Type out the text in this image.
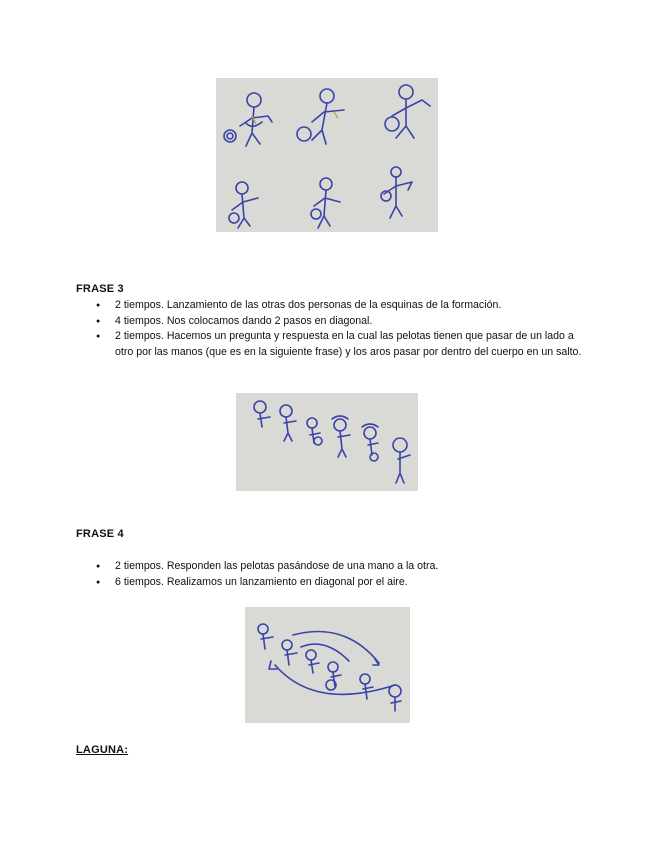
FRASE 3
● 2 tiempos. Lanzamiento de las otras dos personas de la esquinas de la formación.
● 4 tiempos. Nos colocamos dando 2 pasos en diagonal.
● 2 tiempos. Hacemos un pregunta y respuesta en la cual las pelotas tienen que pasar de un lado a otro por las manos (que es en la siguiente frase) y los aros pasar por dentro del cuerpo en un salto.
FRASE 4
● 2 tiempos. Responden las pelotas pasándose de una mano a la otra.
● 6 tiempos. Realizamos un lanzamiento en diagonal por el aire.
LAGUNA:
